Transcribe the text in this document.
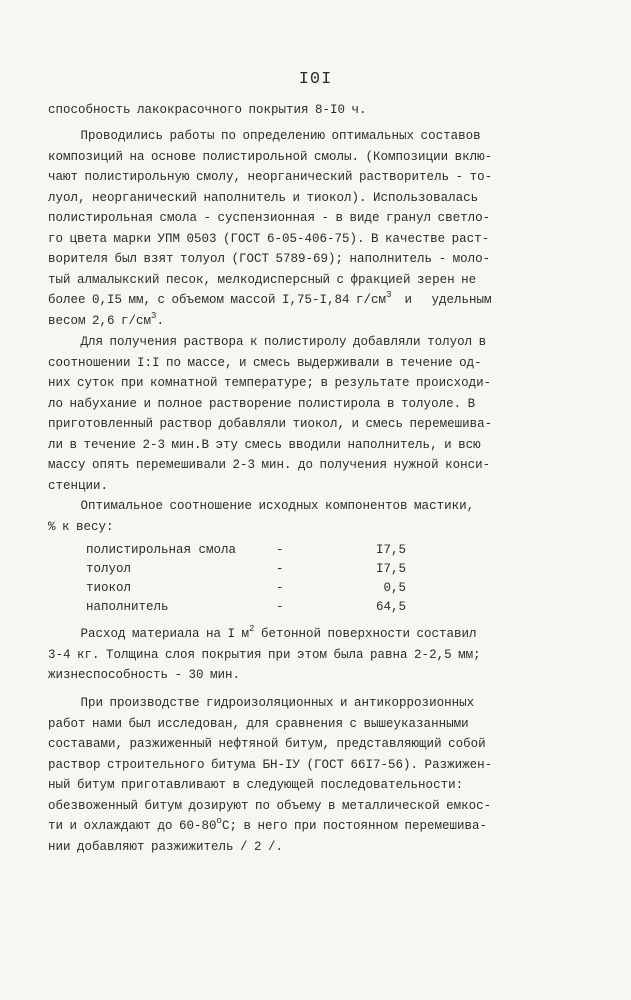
I0I
способность лакокрасочного покрытия 8-I0 ч.
Проводились работы по определению оптимальных составов
композиций на основе полистирольной смолы. (Композиции вклю-
чают полистирольную смолу, неорганический растворитель - то-
луол, неорганический наполнитель и тиокол). Использовалась
полистирольная смола - суспензионная - в виде гранул светло-
го цвета марки УПМ 0503 (ГОСТ 6-05-406-75). В качестве раст-
ворителя был взят толуол (ГОСТ 5789-69); наполнитель - моло-
тый алмалыкский песок, мелкодисперсный с фракцией зерен не
более 0,I5 мм, с объемом массой I,75-I,84 $г/см^3$  и   удельным
весом 2,6 $г/см^3$.
Для получения раствора к полистиролу добавляли толуол в
соотношении I:I по массе, и смесь выдерживали в течение од-
них суток при комнатной температуре; в результате происходи-
ло набухание и полное растворение полистирола в толуоле. В
приготовленный раствор добавляли тиокол, и смесь перемешива-
ли в течение 2-3 мин.В эту смесь вводили наполнитель, и всю
массу опять перемешивали 2-3 мин. до получения нужной конси-
стенции.
Оптимальное соотношение исходных компонентов мастики,
% к весу:
полистирольная смола	-	I7,5
толуол	-	I7,5
тиокол	-	0,5
наполнитель	-	64,5
Расход материала на I $м^2$ бетонной поверхности составил
3-4 кг. Толщина слоя покрытия при этом была равна 2-2,5 мм;
жизнеспособность - 30 мин.
При производстве гидроизоляционных и антикоррозионных
работ нами был исследован, для сравнения с вышеуказанными
составами, разжиженный нефтяной битум, представляющий собой
раствор строительного битума БН-IУ (ГОСТ 66I7-56). Разжижен-
ный битум приготавливают в следующей последовательности:
обезвоженный битум дозируют по объему в металлической емкос-
ти и охлаждают до $60-80^оС$; в него при постоянном перемешива-
нии добавляют разжижитель / 2 /.
